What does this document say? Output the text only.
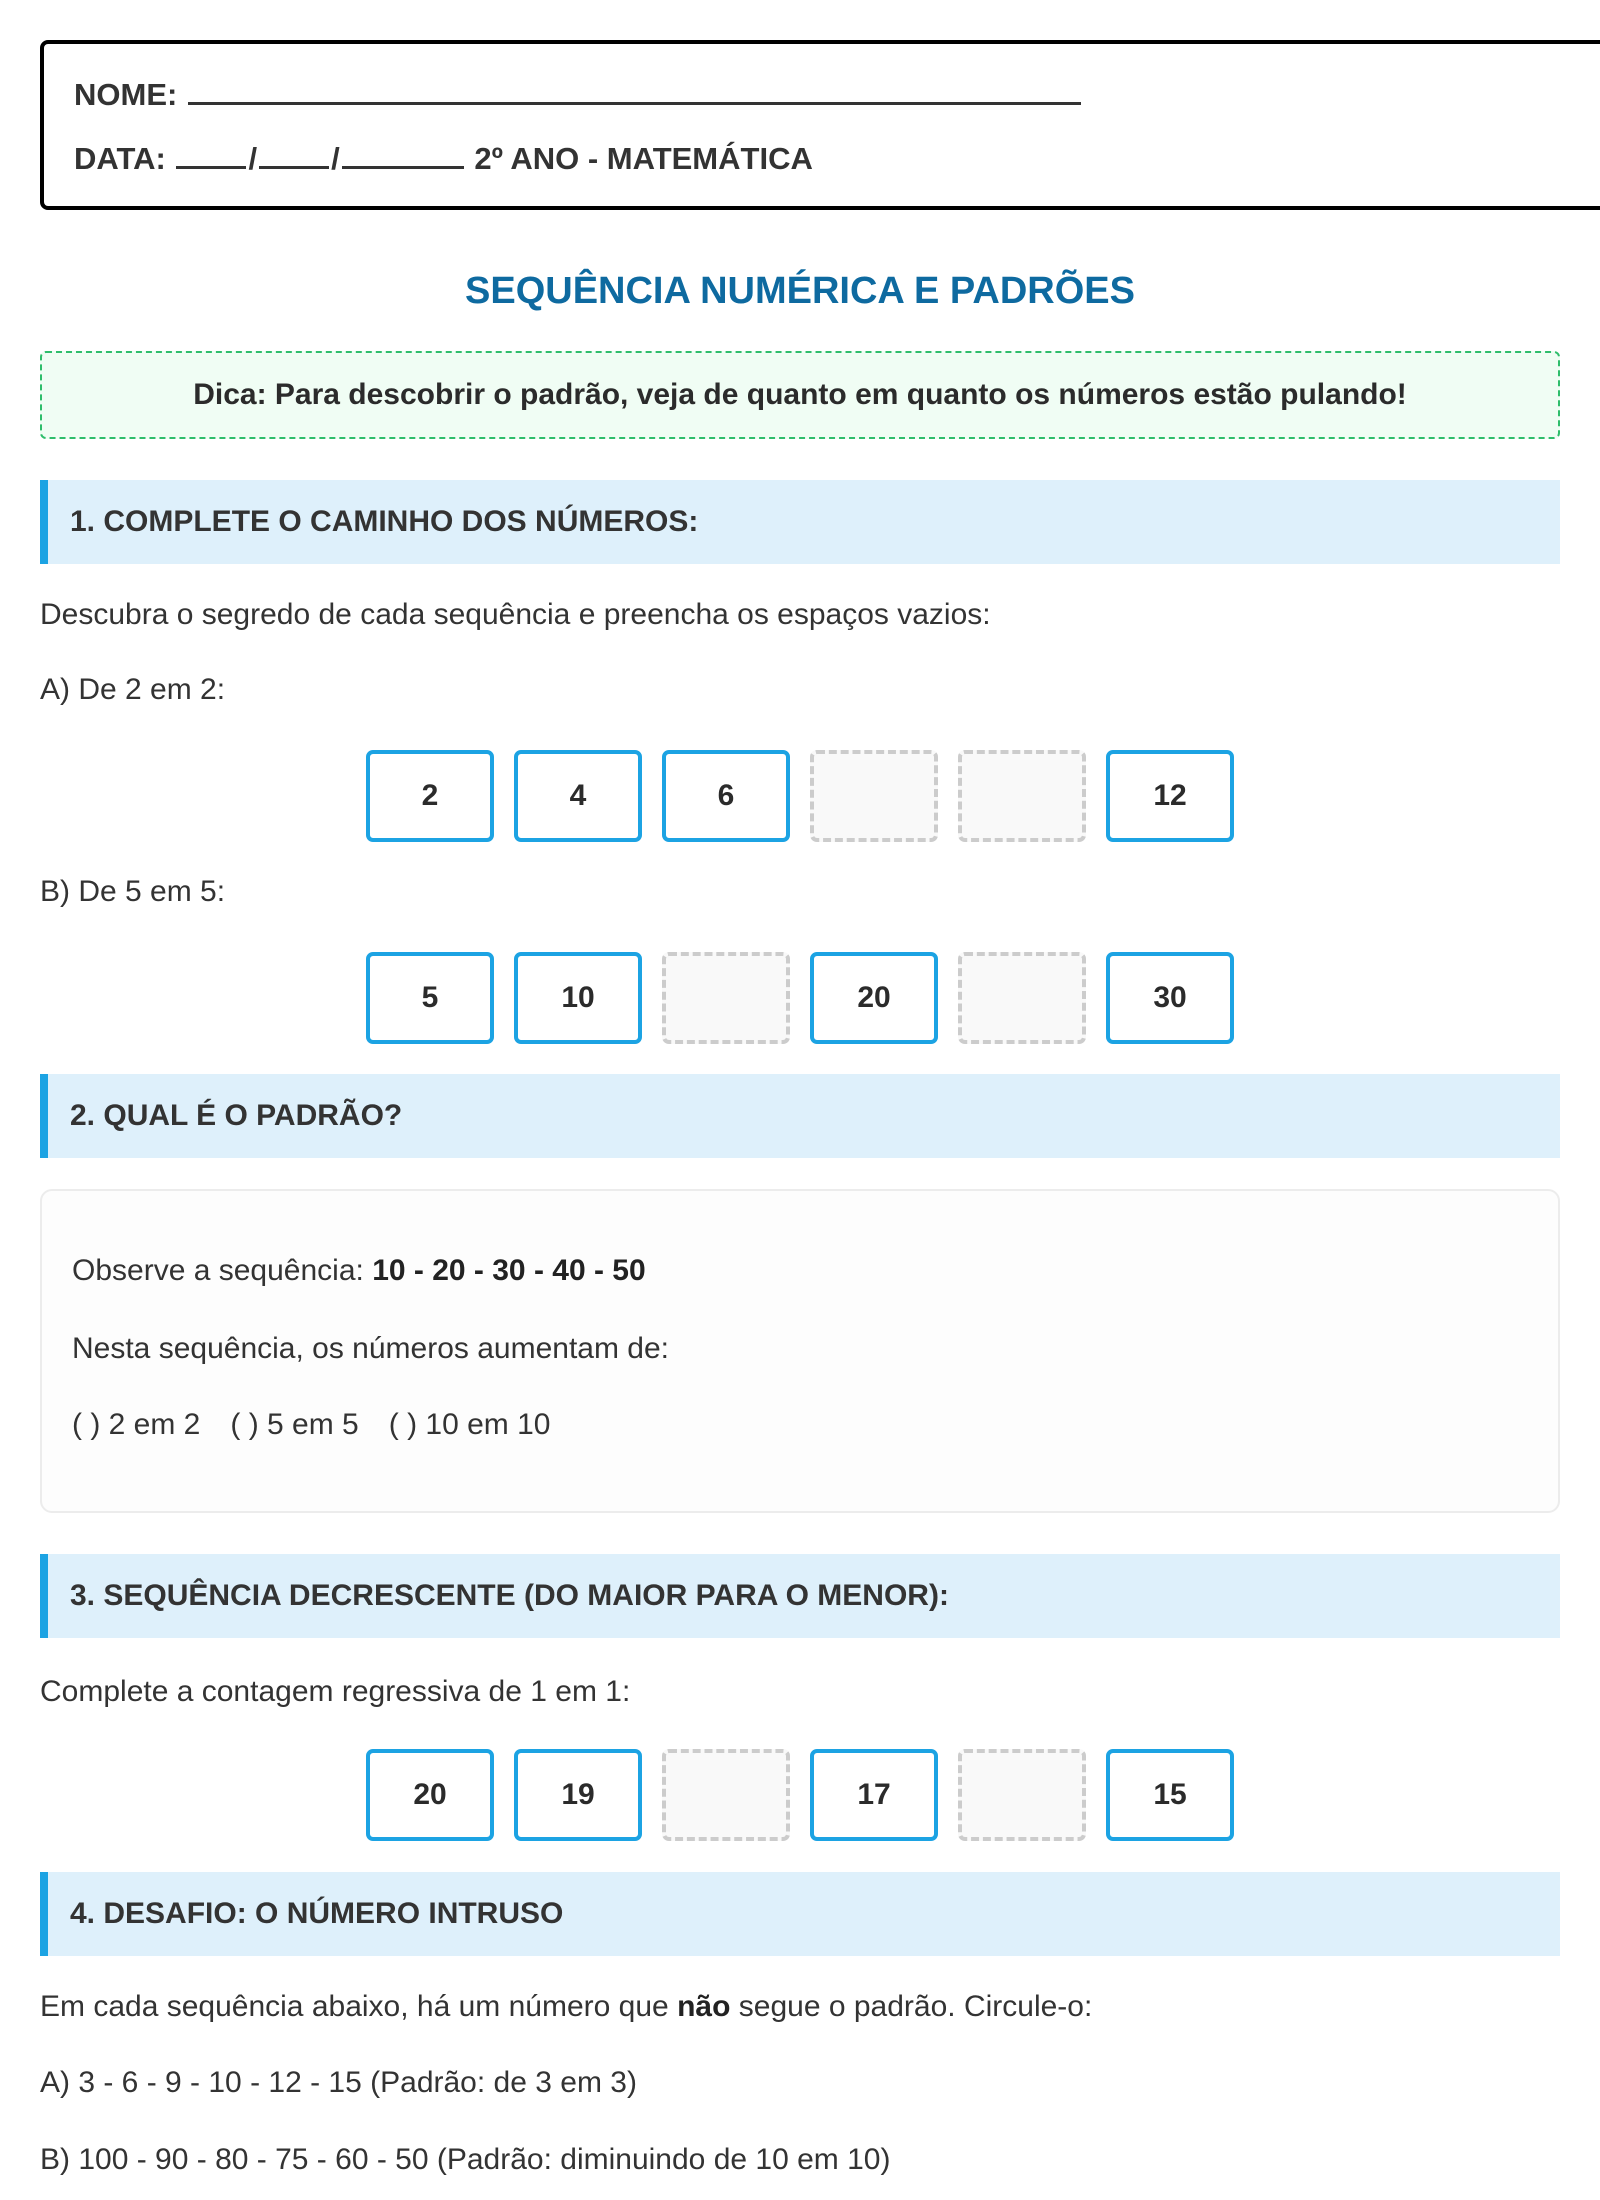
NOME:
DATA:	/ /	2º ANO - MATEMÁTICA
SEQUÊNCIA NUMÉRICA E PADRÕES
Dica: Para descobrir o padrão, veja de quanto em quanto os números estão pulando!
1. COMPLETE O CAMINHO DOS NÚMEROS:
Descubra o segredo de cada sequência e preencha os espaços vazios:
A) De 2 em 2:
2	4	6	12
B) De 5 em 5:
5	10	20	30
2. QUAL É O PADRÃO?
Observe a sequência: 10 - 20 - 30 - 40 - 50
Nesta sequência, os números aumentam de:
( ) 2 em 2 ( ) 5 em 5 ( ) 10 em 10
3. SEQUÊNCIA DECRESCENTE (DO MAIOR PARA O MENOR):
Complete a contagem regressiva de 1 em 1:
20	19	17	15
4. DESAFIO: O NÚMERO INTRUSO
Em cada sequência abaixo, há um número que não segue o padrão. Circule-o:
A) 3 - 6 - 9 - 10 - 12 - 15 (Padrão: de 3 em 3)
B) 100 - 90 - 80 - 75 - 60 - 50 (Padrão: diminuindo de 10 em 10)
